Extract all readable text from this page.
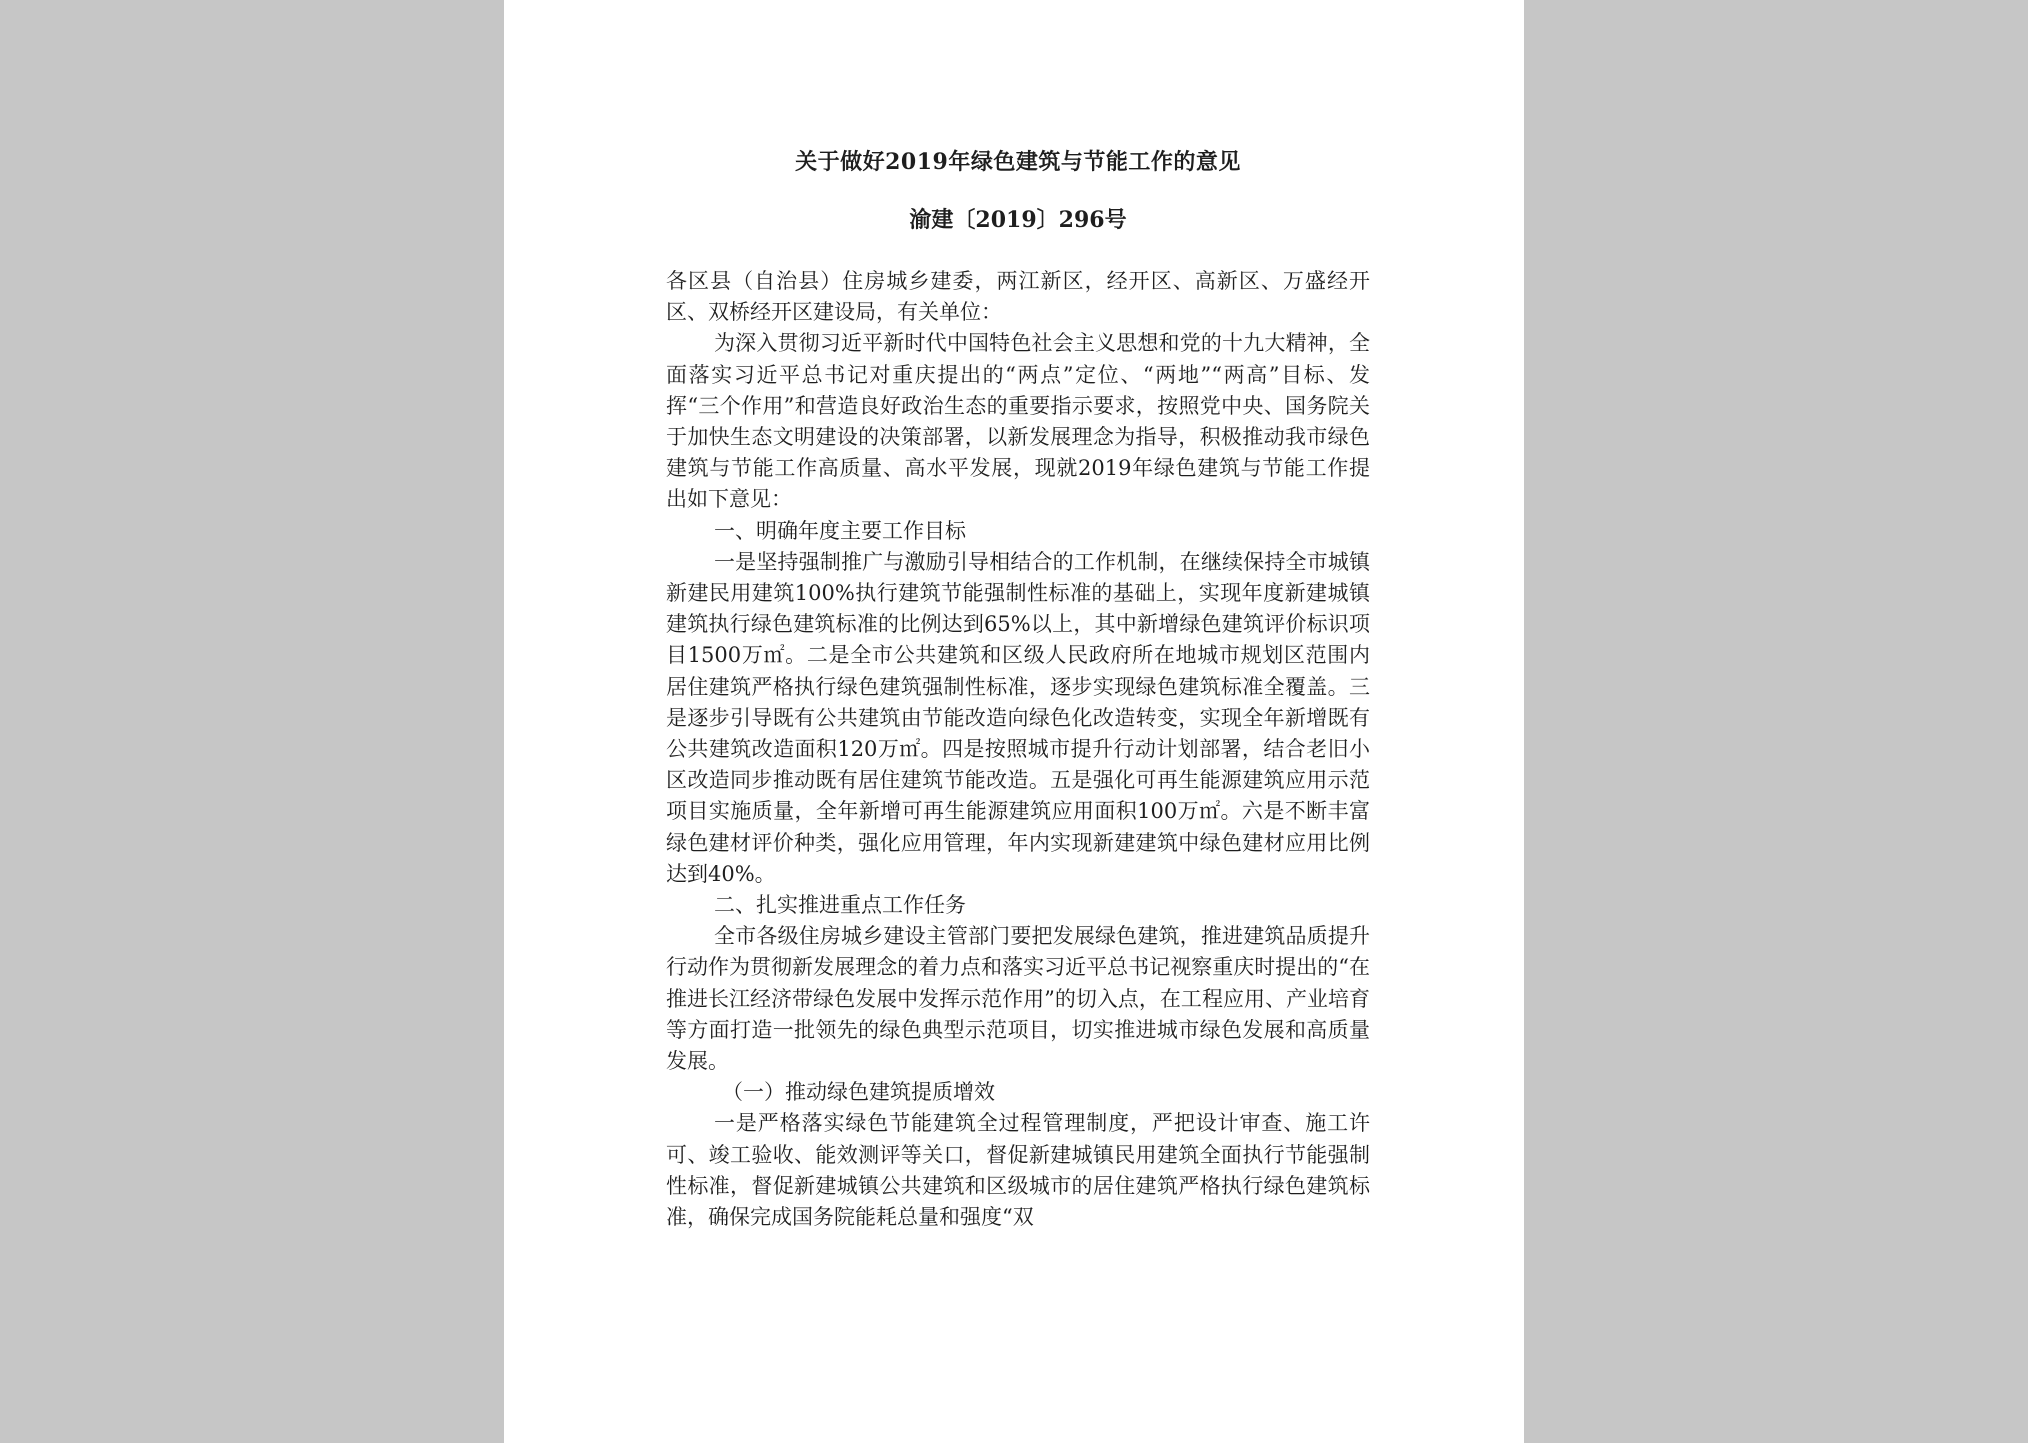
关于做好2019年绿色建筑与节能工作的意见

渝建〔2019〕296号

各区县（自治县）住房城乡建委，两江新区，经开区、高新区、万盛经开区、双桥经开区建设局，有关单位：

为深入贯彻习近平新时代中国特色社会主义思想和党的十九大精神，全面落实习近平总书记对重庆提出的“两点”定位、“两地”“两高”目标、发挥“三个作用”和营造良好政治生态的重要指示要求，按照党中央、国务院关于加快生态文明建设的决策部署，以新发展理念为指导，积极推动我市绿色建筑与节能工作高质量、高水平发展，现就2019年绿色建筑与节能工作提出如下意见：

一、明确年度主要工作目标

一是坚持强制推广与激励引导相结合的工作机制，在继续保持全市城镇新建民用建筑100%执行建筑节能强制性标准的基础上，实现年度新建城镇建筑执行绿色建筑标准的比例达到65%以上，其中新增绿色建筑评价标识项目1500万㎡。二是全市公共建筑和区级人民政府所在地城市规划区范围内居住建筑严格执行绿色建筑强制性标准，逐步实现绿色建筑标准全覆盖。三是逐步引导既有公共建筑由节能改造向绿色化改造转变，实现全年新增既有公共建筑改造面积120万㎡。四是按照城市提升行动计划部署，结合老旧小区改造同步推动既有居住建筑节能改造。五是强化可再生能源建筑应用示范项目实施质量，全年新增可再生能源建筑应用面积100万㎡。六是不断丰富绿色建材评价种类，强化应用管理，年内实现新建建筑中绿色建材应用比例达到40%。

二、扎实推进重点工作任务

全市各级住房城乡建设主管部门要把发展绿色建筑，推进建筑品质提升行动作为贯彻新发展理念的着力点和落实习近平总书记视察重庆时提出的“在推进长江经济带绿色发展中发挥示范作用”的切入点，在工程应用、产业培育等方面打造一批领先的绿色典型示范项目，切实推进城市绿色发展和高质量发展。

（一）推动绿色建筑提质增效

一是严格落实绿色节能建筑全过程管理制度，严把设计审查、施工许可、竣工验收、能效测评等关口，督促新建城镇民用建筑全面执行节能强制性标准，督促新建城镇公共建筑和区级城市的居住建筑严格执行绿色建筑标准，确保完成国务院能耗总量和强度“双
